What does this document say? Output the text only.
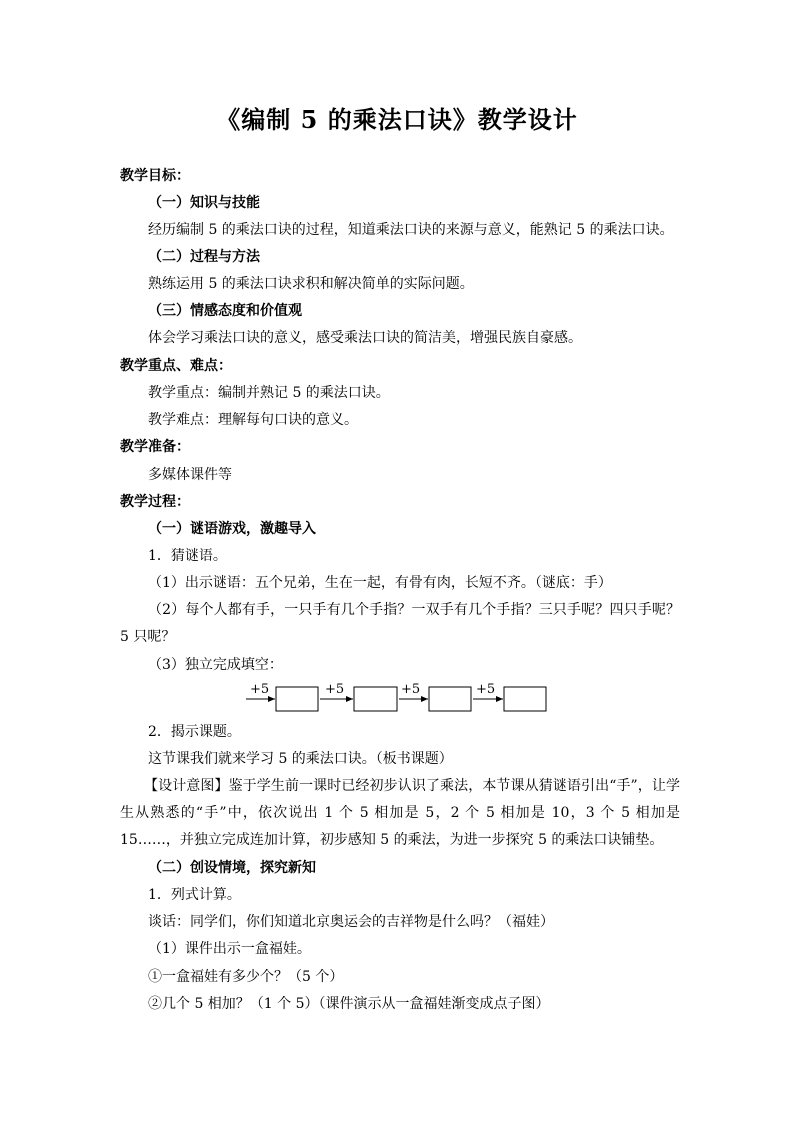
《编制 5 的乘法口诀》教学设计
教学目标：
（一）知识与技能
经历编制 5 的乘法口诀的过程，知道乘法口诀的来源与意义，能熟记 5 的乘法口诀。
（二）过程与方法
熟练运用 5 的乘法口诀求积和解决简单的实际问题。
（三）情感态度和价值观
体会学习乘法口诀的意义，感受乘法口诀的简洁美，增强民族自豪感。
教学重点、难点：
教学重点：编制并熟记 5 的乘法口诀。
教学难点：理解每句口诀的意义。
教学准备：
多媒体课件等
教学过程：
（一）谜语游戏，激趣导入
1．猜谜语。
（1）出示谜语：五个兄弟，生在一起，有骨有肉，长短不齐。（谜底：手）
（2）每个人都有手，一只手有几个手指？一双手有几个手指？三只手呢？四只手呢？5 只呢？
（3）独立完成填空：
+5	+5	+5	+5
2．揭示课题。
这节课我们就来学习 5 的乘法口诀。（板书课题）
【设计意图】鉴于学生前一课时已经初步认识了乘法，本节课从猜谜语引出“手”，让学生从熟悉的“手”中，依次说出 1 个 5 相加是 5，2 个 5 相加是 10，3 个 5 相加是 15……，并独立完成连加计算，初步感知 5 的乘法，为进一步探究 5 的乘法口诀铺垫。
（二）创设情境，探究新知
1．列式计算。
谈话：同学们，你们知道北京奥运会的吉祥物是什么吗？（福娃）
（1）课件出示一盒福娃。
①一盒福娃有多少个？（5 个）
②几个 5 相加？（1 个 5）（课件演示从一盒福娃渐变成点子图）
